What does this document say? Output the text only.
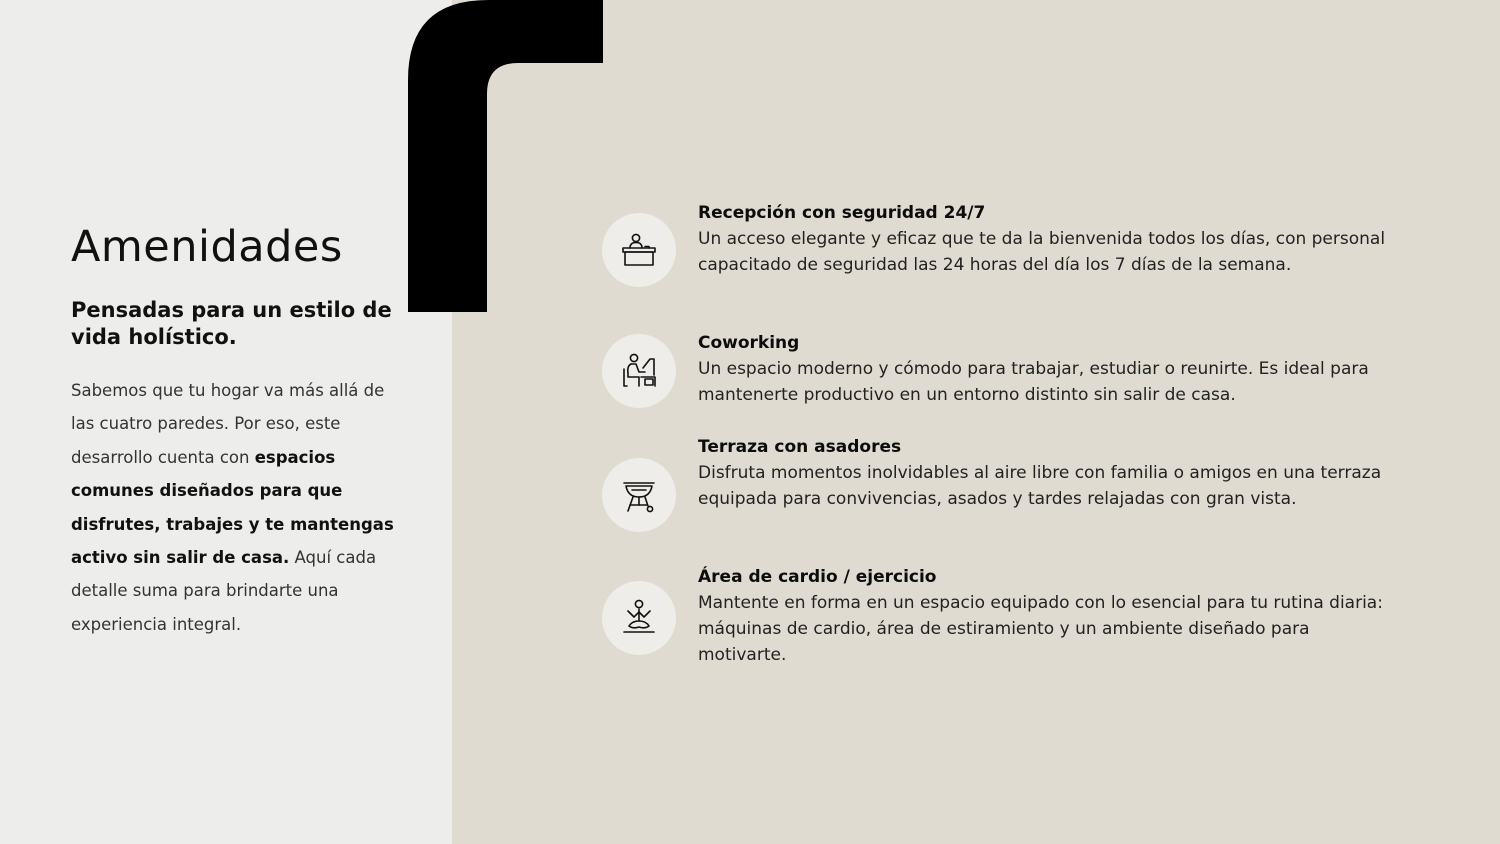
Amenidades
Pensadas para un estilo de vida holístico.

Sabemos que tu hogar va más allá de las cuatro paredes. Por eso, este desarrollo cuenta con espacios comunes diseñados para que disfrutes, trabajes y te mantengas activo sin salir de casa. Aquí cada detalle suma para brindarte una experiencia integral.

Recepción con seguridad 24/7

Un acceso elegante y eficaz que te da la bienvenida todos los días, con personal capacitado de seguridad las 24 horas del día los 7 días de la semana.

Coworking

Un espacio moderno y cómodo para trabajar, estudiar o reunirte. Es ideal para mantenerte productivo en un entorno distinto sin salir de casa.

Terraza con asadores

Disfruta momentos inolvidables al aire libre con familia o amigos en una terraza equipada para convivencias, asados y tardes relajadas con gran vista.

Área de cardio / ejercicio

Mantente en forma en un espacio equipado con lo esencial para tu rutina diaria: máquinas de cardio, área de estiramiento y un ambiente diseñado para motivarte.
